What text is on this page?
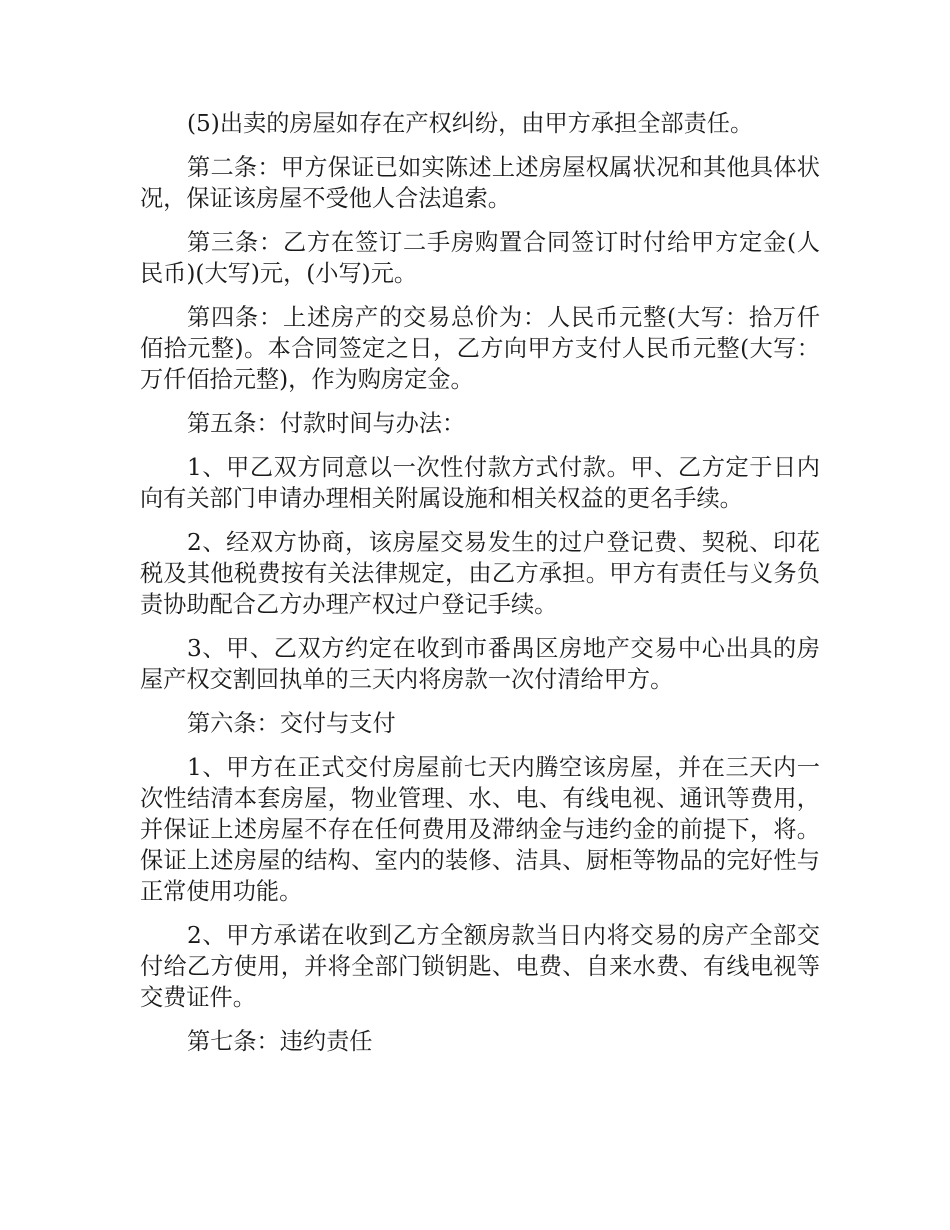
(5)出卖的房屋如存在产权纠纷，由甲方承担全部责任。

第二条：甲方保证已如实陈述上述房屋权属状况和其他具体状况，保证该房屋不受他人合法追索。

第三条：乙方在签订二手房购置合同签订时付给甲方定金(人民币)(大写)元，(小写)元。

第四条：上述房产的交易总价为：人民币元整(大写：拾万仟佰拾元整)。本合同签定之日，乙方向甲方支付人民币元整(大写：万仟佰拾元整)，作为购房定金。

第五条：付款时间与办法：

1、甲乙双方同意以一次性付款方式付款。甲、乙方定于日内向有关部门申请办理相关附属设施和相关权益的更名手续。

2、经双方协商，该房屋交易发生的过户登记费、契税、印花税及其他税费按有关法律规定，由乙方承担。甲方有责任与义务负责协助配合乙方办理产权过户登记手续。

3、甲、乙双方约定在收到市番禺区房地产交易中心出具的房屋产权交割回执单的三天内将房款一次付清给甲方。

第六条：交付与支付

1、甲方在正式交付房屋前七天内腾空该房屋，并在三天内一次性结清本套房屋，物业管理、水、电、有线电视、通讯等费用，并保证上述房屋不存在任何费用及滞纳金与违约金的前提下，将。保证上述房屋的结构、室内的装修、洁具、厨柜等物品的完好性与正常使用功能。

2、甲方承诺在收到乙方全额房款当日内将交易的房产全部交付给乙方使用，并将全部门锁钥匙、电费、自来水费、有线电视等交费证件。

第七条：违约责任
